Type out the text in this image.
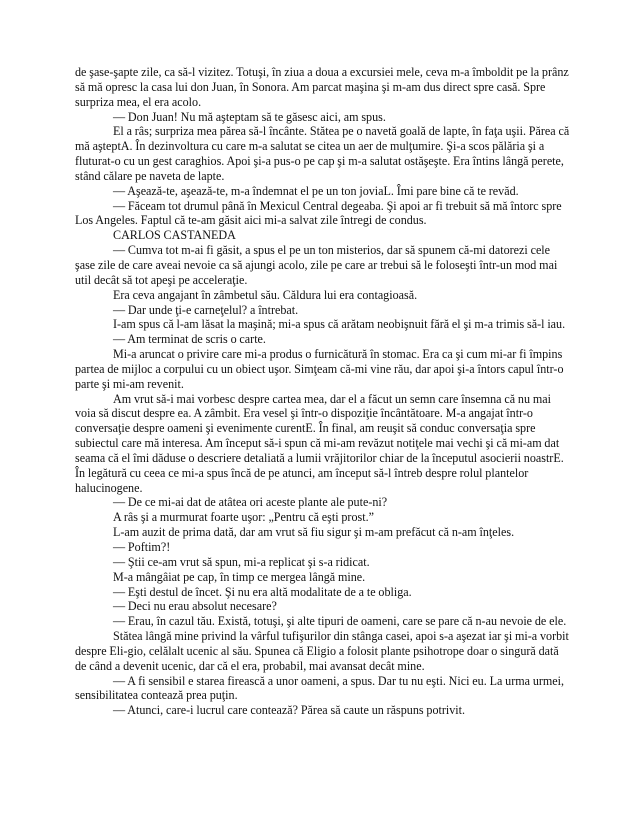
de şase-şapte zile, ca să-l vizitez. Totuşi, în ziua a doua a excursiei mele, ceva m-a îmboldit pe la prânz să mă opresc la casa lui don Juan, în Sonora. Am parcat maşina şi m-am dus direct spre casă. Spre surpriza mea, el era acolo.

— Don Juan! Nu mă aşteptam să te găsesc aici, am spus.

El a râs; surpriza mea părea să-l încânte. Stătea pe o navetă goală de lapte, în faţa uşii. Părea că mă aşteptA. În dezinvoltura cu care m-a salutat se citea un aer de mulţumire. Şi-a scos pălăria şi a fluturat-o cu un gest caraghios. Apoi şi-a pus-o pe cap şi m-a salutat ostăşeşte. Era întins lângă perete, stând călare pe naveta de lapte.

— Aşează-te, aşează-te, m-a îndemnat el pe un ton joviaL. Îmi pare bine că te revăd.

— Făceam tot drumul până în Mexicul Central degeaba. Şi apoi ar fi trebuit să mă întorc spre Los Angeles. Faptul că te-am găsit aici mi-a salvat zile întregi de condus.

CARLOS CASTANEDA

— Cumva tot m-ai fi găsit, a spus el pe un ton misterios, dar să spunem că-mi datorezi cele şase zile de care aveai nevoie ca să ajungi acolo, zile pe care ar trebui să le foloseşti într-un mod mai util decât să tot apeşi pe acceleraţie.

Era ceva angajant în zâmbetul său. Căldura lui era contagioasă.

— Dar unde ţi-e carneţelul? a întrebat.

I-am spus că l-am lăsat la maşină; mi-a spus că arătam neobişnuit fără el şi m-a trimis să-l iau.

— Am terminat de scris o carte.

Mi-a aruncat o privire care mi-a produs o furnicătură în stomac. Era ca şi cum mi-ar fi împins partea de mijloc a corpului cu un obiect uşor. Simţeam că-mi vine rău, dar apoi şi-a întors capul într-o parte şi mi-am revenit.

Am vrut să-i mai vorbesc despre cartea mea, dar el a făcut un semn care însemna că nu mai voia să discut despre ea. A zâmbit. Era vesel şi într-o dispoziţie încântătoare. M-a angajat într-o conversaţie despre oameni şi evenimente curentE. În final, am reuşit să conduc conversaţia spre subiectul care mă interesa. Am început să-i spun că mi-am revăzut notiţele mai vechi şi că mi-am dat seama că el îmi dăduse o descriere detaliată a lumii vrăjitorilor chiar de la începutul asocierii noastrE. În legătură cu ceea ce mi-a spus încă de pe atunci, am început să-l întreb despre rolul plantelor halucinogene.

— De ce mi-ai dat de atâtea ori aceste plante ale pute-ni?

A râs şi a murmurat foarte uşor: „Pentru că eşti prost.”

L-am auzit de prima dată, dar am vrut să fiu sigur şi m-am prefăcut că n-am înţeles.

— Poftim?!

— Ştii ce-am vrut să spun, mi-a replicat şi s-a ridicat.

M-a mângâiat pe cap, în timp ce mergea lângă mine.

— Eşti destul de încet. Şi nu era altă modalitate de a te obliga.

— Deci nu erau absolut necesare?

— Erau, în cazul tău. Există, totuşi, şi alte tipuri de oameni, care se pare că n-au nevoie de ele.

Stătea lângă mine privind la vârful tufişurilor din stânga casei, apoi s-a aşezat iar şi mi-a vorbit despre Eli-gio, celălalt ucenic al său. Spunea că Eligio a folosit plante psihotrope doar o singură dată de când a devenit ucenic, dar că el era, probabil, mai avansat decât mine.

— A fi sensibil e starea firească a unor oameni, a spus. Dar tu nu eşti. Nici eu. La urma urmei, sensibilitatea contează prea puţin.

— Atunci, care-i lucrul care contează? Părea să caute un răspuns potrivit.
